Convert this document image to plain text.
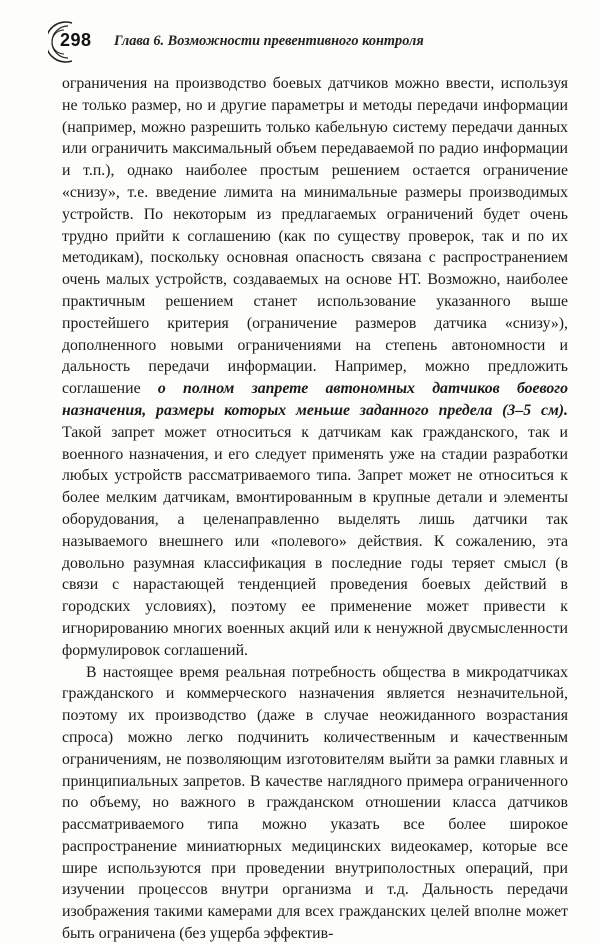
298 Глава 6. Возможности превентивного контроля

ограничения на производство боевых датчиков можно ввести, используя не только размер, но и другие параметры и методы передачи информации (например, можно разрешить только кабельную систему передачи данных или ограничить максимальный объем передаваемой по радио информации и т.п.), однако наиболее простым решением остается ограничение «снизу», т.е. введение лимита на минимальные размеры производимых устройств. По некоторым из предлагаемых ограничений будет очень трудно прийти к соглашению (как по существу проверок, так и по их методикам), поскольку основная опасность связана с распространением очень малых устройств, создаваемых на основе НТ. Возможно, наиболее практичным решением станет использование указанного выше простейшего критерия (ограничение размеров датчика «снизу»), дополненного новыми ограничениями на степень автономности и дальность передачи информации. Например, можно предложить соглашение о полном запрете автономных датчиков боевого назначения, размеры которых меньше заданного предела (3–5 см). Такой запрет может относиться к датчикам как гражданского, так и военного назначения, и его следует применять уже на стадии разработки любых устройств рассматриваемого типа. Запрет может не относиться к более мелким датчикам, вмонтированным в крупные детали и элементы оборудования, а целенаправленно выделять лишь датчики так называемого внешнего или «полевого» действия. К сожалению, эта довольно разумная классификация в последние годы теряет смысл (в связи с нарастающей тенденцией проведения боевых действий в городских условиях), поэтому ее применение может привести к игнорированию многих военных акций или к ненужной двусмысленности формулировок соглашений.

В настоящее время реальная потребность общества в микродатчиках гражданского и коммерческого назначения является незначительной, поэтому их производство (даже в случае неожиданного возрастания спроса) можно легко подчинить количественным и качественным ограничениям, не позволяющим изготовителям выйти за рамки главных и принципиальных запретов. В качестве наглядного примера ограниченного по объему, но важного в гражданском отношении класса датчиков рассматриваемого типа можно указать все более широкое распространение миниатюрных медицинских видеокамер, которые все шире используются при проведении внутриполостных операций, при изучении процессов внутри организма и т.д. Дальность передачи изображения такими камерами для всех гражданских целей вполне может быть ограничена (без ущерба эффектив-
